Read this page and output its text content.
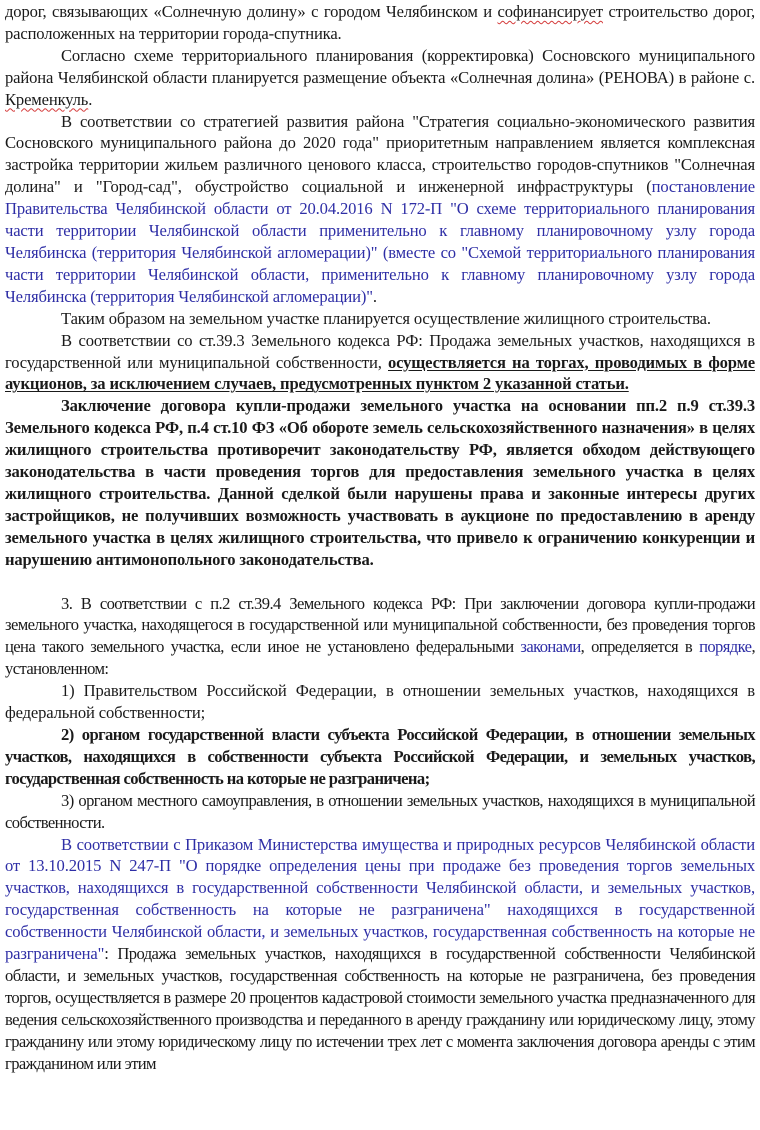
дорог, связывающих «Солнечную долину» с городом Челябинском и софинансирует строительство дорог, расположенных на территории города-спутника.

Согласно схеме территориального планирования (корректировка) Сосновского муниципального района Челябинской области планируется размещение объекта «Солнечная долина» (РЕНОВА) в районе с. Кременкуль.

В соответствии со стратегией развития района "Стратегия социально-экономического развития Сосновского муниципального района до 2020 года" приоритетным направлением является комплексная застройка территории жильем различного ценового класса, строительство городов-спутников "Солнечная долина" и "Город-сад", обустройство социальной и инженерной инфраструктуры (постановление Правительства Челябинской области от 20.04.2016 N 172-П "О схеме территориального планирования части территории Челябинской области применительно к главному планировочному узлу города Челябинска (территория Челябинской агломерации)" (вместе со "Схемой территориального планирования части территории Челябинской области, применительно к главному планировочному узлу города Челябинска (территория Челябинской агломерации)".

Таким образом на земельном участке планируется осуществление жилищного строительства.

В соответствии со ст.39.3 Земельного кодекса РФ: Продажа земельных участков, находящихся в государственной или муниципальной собственности, осуществляется на торгах, проводимых в форме аукционов, за исключением случаев, предусмотренных пунктом 2 указанной статьи.

Заключение договора купли-продажи земельного участка на основании пп.2 п.9 ст.39.3 Земельного кодекса РФ, п.4 ст.10 ФЗ «Об обороте земель сельскохозяйственного назначения» в целях жилищного строительства противоречит законодательству РФ, является обходом действующего законодательства в части проведения торгов для предоставления земельного участка в целях жилищного строительства. Данной сделкой были нарушены права и законные интересы других застройщиков, не получивших возможность участвовать в аукционе по предоставлению в аренду земельного участка в целях жилищного строительства, что привело к ограничению конкуренции и нарушению антимонопольного законодательства.

3. В соответствии с п.2 ст.39.4 Земельного кодекса РФ: При заключении договора купли-продажи земельного участка, находящегося в государственной или муниципальной собственности, без проведения торгов цена такого земельного участка, если иное не установлено федеральными законами, определяется в порядке, установленном:

1) Правительством Российской Федерации, в отношении земельных участков, находящихся в федеральной собственности;

2) органом государственной власти субъекта Российской Федерации, в отношении земельных участков, находящихся в собственности субъекта Российской Федерации, и земельных участков, государственная собственность на которые не разграничена;

3) органом местного самоуправления, в отношении земельных участков, находящихся в муниципальной собственности.

В соответствии с Приказом Министерства имущества и природных ресурсов Челябинской области от 13.10.2015 N 247-П "О порядке определения цены при продаже без проведения торгов земельных участков, находящихся в государственной собственности Челябинской области, и земельных участков, государственная собственность на которые не разграничена" находящихся в государственной собственности Челябинской области, и земельных участков, государственная собственность на которые не разграничена": Продажа земельных участков, находящихся в государственной собственности Челябинской области, и земельных участков, государственная собственность на которые не разграничена, без проведения торгов, осуществляется в размере 20 процентов кадастровой стоимости земельного участка предназначенного для ведения сельскохозяйственного производства и переданного в аренду гражданину или юридическому лицу, этому гражданину или этому юридическому лицу по истечении трех лет с момента заключения договора аренды с этим гражданином или этим
